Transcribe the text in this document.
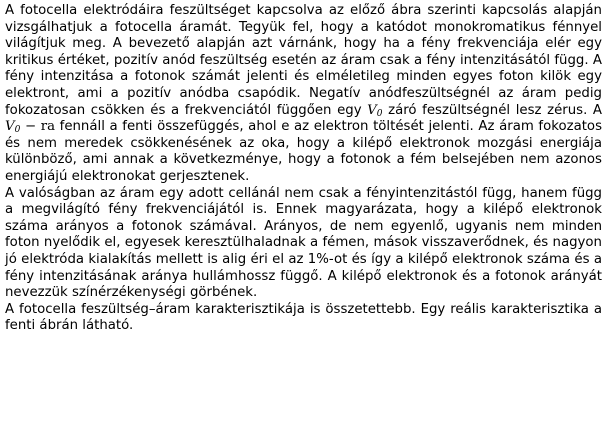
A fotocella elektródáira feszültséget kapcsolva az előző ábra szerinti kapcsolás alapján vizsgálhatjuk a fotocella áramát. Tegyük fel, hogy a katódot monokromatikus fénnyel világítjuk meg. A bevezető alapján azt várnánk, hogy ha a fény frekvenciája elér egy kritikus értéket, pozitív anód feszültség esetén az áram csak a fény intenzitásától függ. A fény intenzitása a fotonok számát jelenti és elméletileg minden egyes foton kilök egy elektront, ami a pozitív anódba csapódik. Negatív anódfeszültségnél az áram pedig fokozatosan csökken és a frekvenciától függően egy $V_0$ záró feszültségnél lesz zérus. A $V_0$ − ra fennáll a fenti összefüggés, ahol e az elektron töltését jelenti. Az áram fokozatos és nem meredek csökkenésének az oka, hogy a kilépő elektronok mozgási energiája különböző, ami annak a következménye, hogy a fotonok a fém belsejében nem azonos energiájú elektronokat gerjesztenek.

A valóságban az áram egy adott cellánál nem csak a fényintenzitástól függ, hanem függ a megvilágító fény frekvenciájától is. Ennek magyarázata, hogy a kilépő elektronok száma arányos a fotonok számával. Arányos, de nem egyenlő, ugyanis nem minden foton nyelődik el, egyesek keresztülhaladnak a fémen, mások visszaverődnek, és nagyon jó elektróda kialakítás mellett is alig éri el az 1%-ot és így a kilépő elektronok száma és a fény intenzitásának aránya hullámhossz függő. A kilépő elektronok és a fotonok arányát nevezzük színérzékenységi görbének.

A fotocella feszültség–áram karakterisztikája is összetettebb. Egy reális karakterisztika a fenti ábrán látható.
